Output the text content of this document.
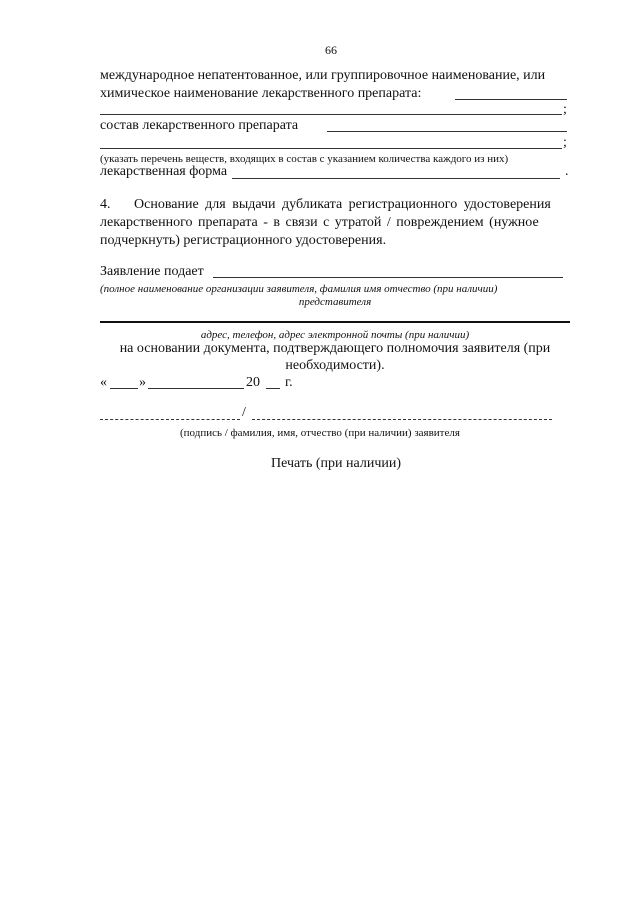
66
международное непатентованное, или группировочное наименование, или
химическое наименование лекарственного препарата:
;
состав лекарственного препарата
;
(указать перечень веществ, входящих в состав с указанием количества каждого из них)
лекарственная форма	.
4. Основание для выдачи дубликата регистрационного удостоверения
лекарственного препарата - в связи с утратой / повреждением (нужное
подчеркнуть) регистрационного удостоверения.
Заявление подает
(полное наименование организации заявителя, фамилия имя отчество (при наличии)
представителя
адрес, телефон, адрес электронной почты (при наличии)
на основании документа, подтверждающего полномочия заявителя (при
необходимости).
« »	20 г.
/
(подпись / фамилия, имя, отчество (при наличии) заявителя
Печать (при наличии)
